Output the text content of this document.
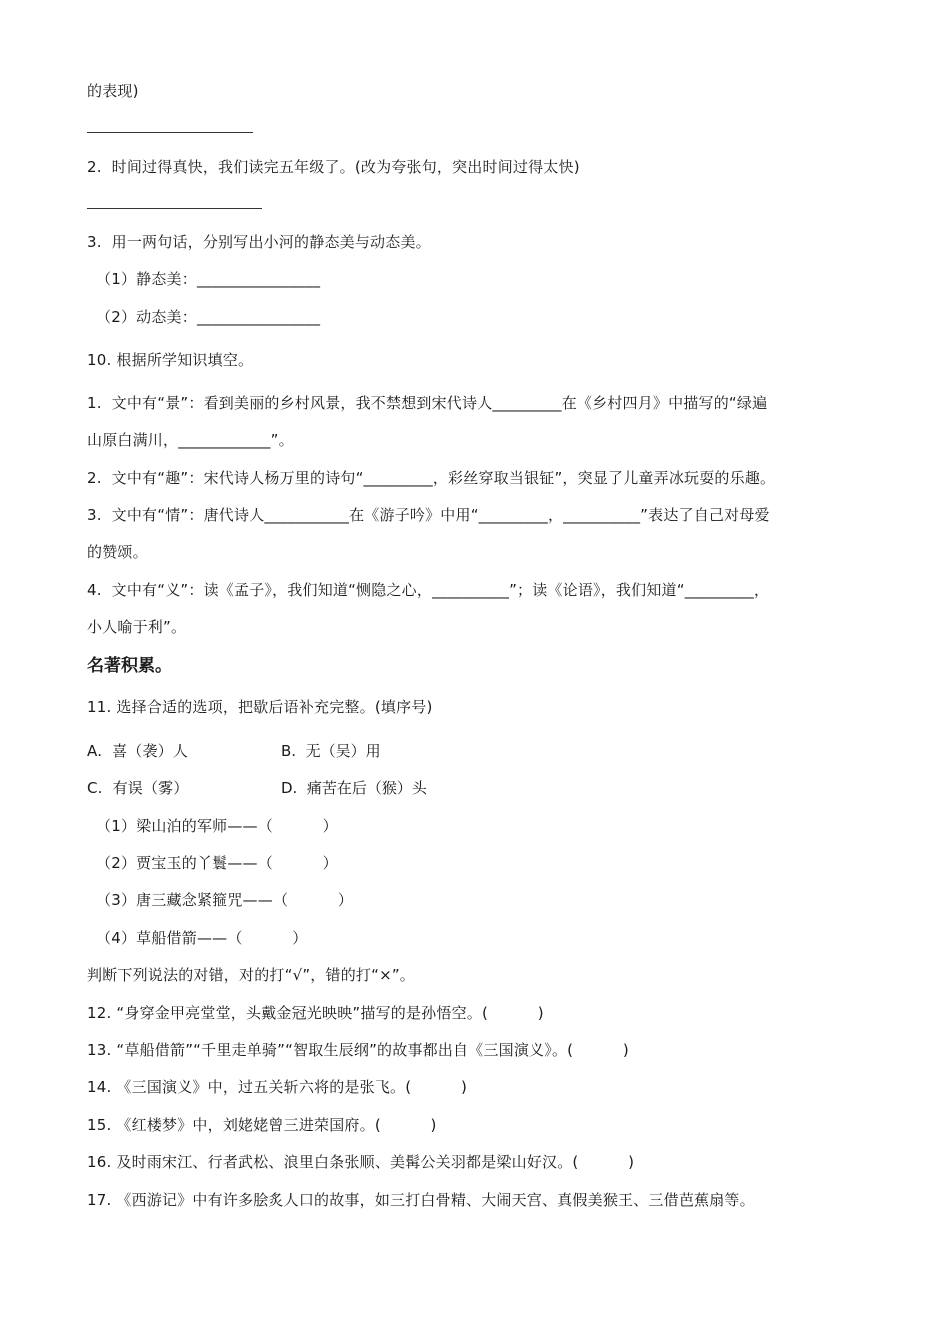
的表现)
2.  时间过得真快，我们读完五年级了。(改为夸张句，突出时间过得太快)
3.  用一两句话，分别写出小河的静态美与动态美。
（1）静态美：________________
（2）动态美：________________
10. 根据所学知识填空。
1.  文中有“景”：看到美丽的乡村风景，我不禁想到宋代诗人_________在《乡村四月》中描写的“绿遍
山原白满川，____________”。
2.  文中有“趣”：宋代诗人杨万里的诗句“_________，彩丝穿取当银钲”，突显了儿童弄冰玩耍的乐趣。
3.  文中有“情”：唐代诗人___________在《游子吟》中用“_________，__________”表达了自己对母爱
的赞颂。
4.  文中有“义”：读《孟子》，我们知道“恻隐之心，__________”；读《论语》，我们知道“_________，
小人喻于利”。
名著积累。
11. 选择合适的选项，把歇后语补充完整。(填序号)
A.  喜（袭）人	B.  无（吴）用
C.  有误（雾）	D.  痛苦在后（猴）头
（1）梁山泊的军师——（          ）
（2）贾宝玉的丫鬟——（          ）
（3）唐三藏念紧箍咒——（          ）
（4）草船借箭——（          ）
判断下列说法的对错，对的打“√”，错的打“×”。
12. “身穿金甲亮堂堂，头戴金冠光映映”描写的是孙悟空。(          )
13. “草船借箭”“千里走单骑”“智取生辰纲”的故事都出自《三国演义》。(          )
14. 《三国演义》中，过五关斩六将的是张飞。(          )
15. 《红楼梦》中，刘姥姥曾三进荣国府。(          )
16. 及时雨宋江、行者武松、浪里白条张顺、美髯公关羽都是梁山好汉。(          )
17. 《西游记》中有许多脍炙人口的故事，如三打白骨精、大闹天宫、真假美猴王、三借芭蕉扇等。
